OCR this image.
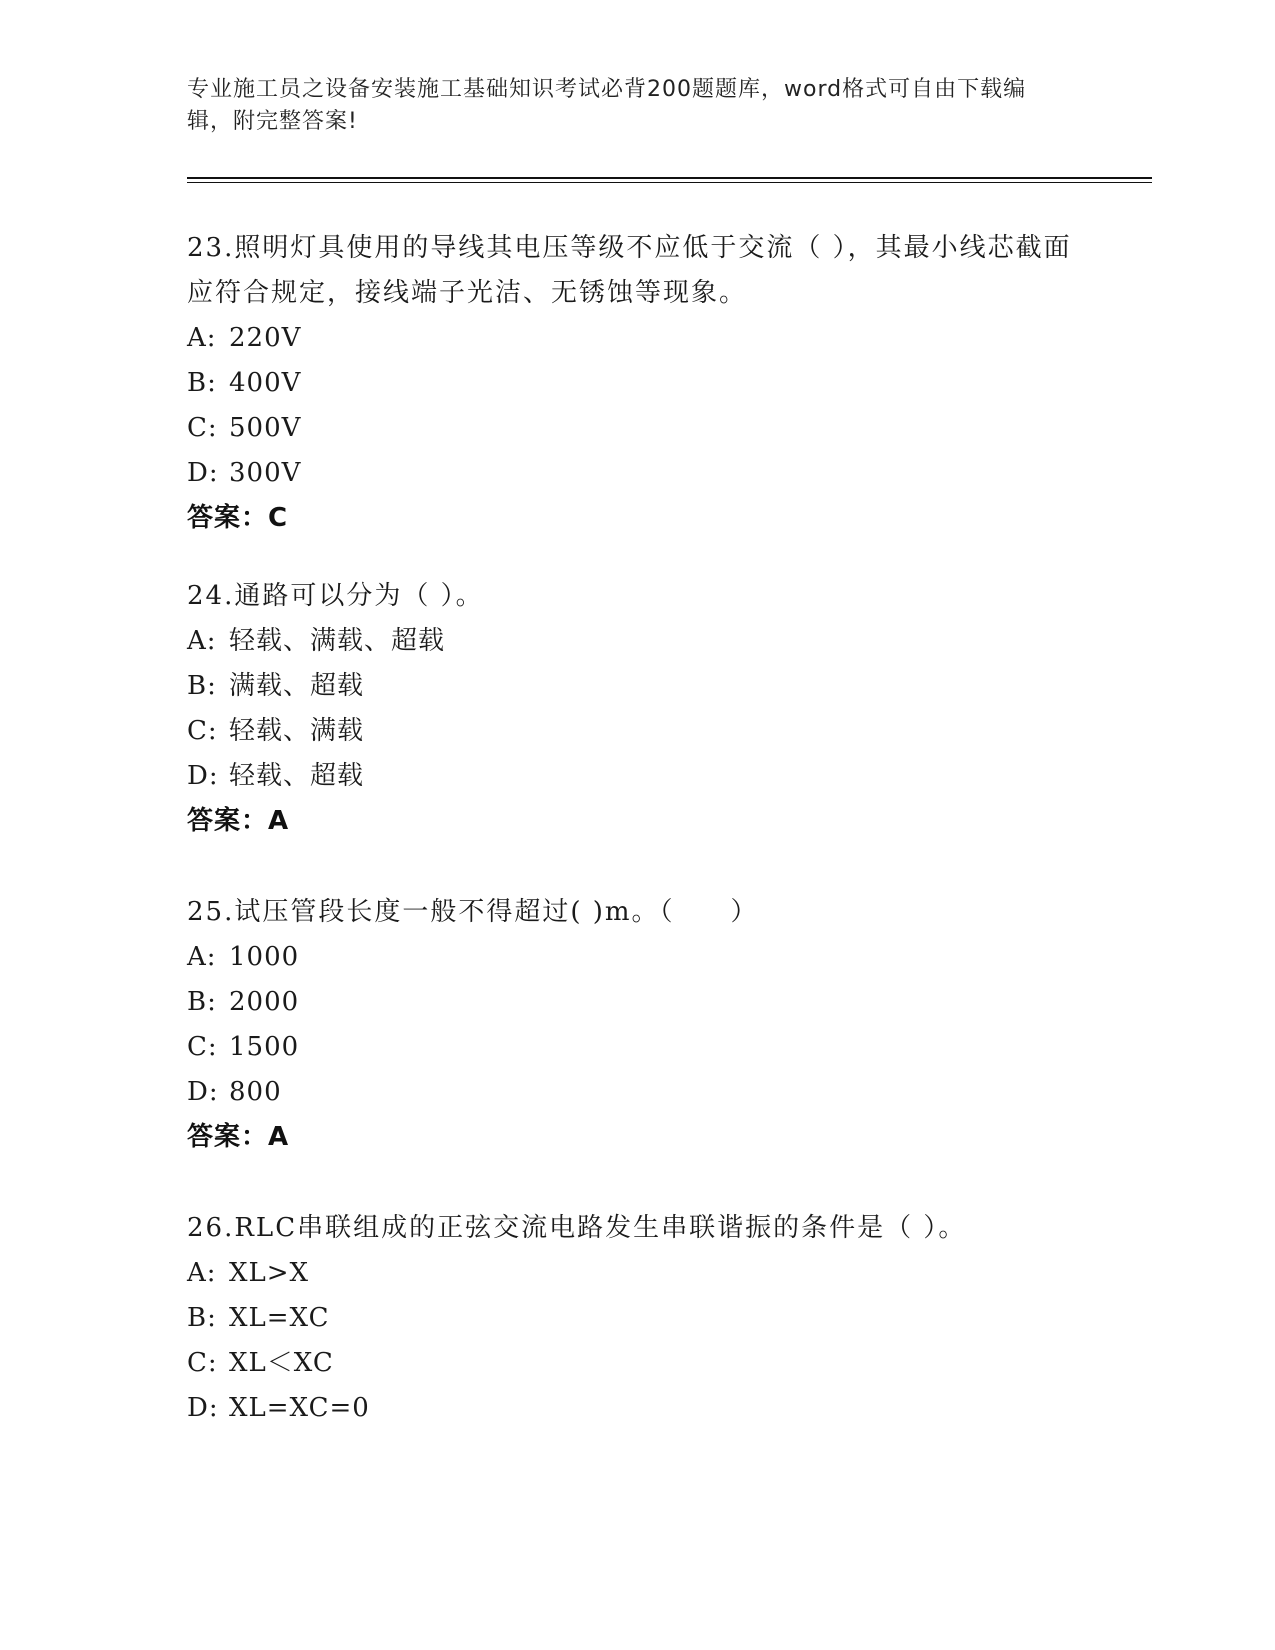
专业施工员之设备安装施工基础知识考试必背200题题库，word格式可自由下载编辑，附完整答案!
23.照明灯具使用的导线其电压等级不应低于交流（ ），其最小线芯截面应符合规定，接线端子光洁、无锈蚀等现象。
A: 220V
B: 400V
C: 500V
D: 300V
答案：C
24.通路可以分为（ ）。
A: 轻载、满载、超载
B: 满载、超载
C: 轻载、满载
D: 轻载、超载
答案：A
25.试压管段长度一般不得超过( )m。（　　）
A: 1000
B: 2000
C: 1500
D: 800
答案：A
26.RLC串联组成的正弦交流电路发生串联谐振的条件是（ ）。
A: XL>X
B: XL=XC
C: XL＜XC
D: XL=XC=0
